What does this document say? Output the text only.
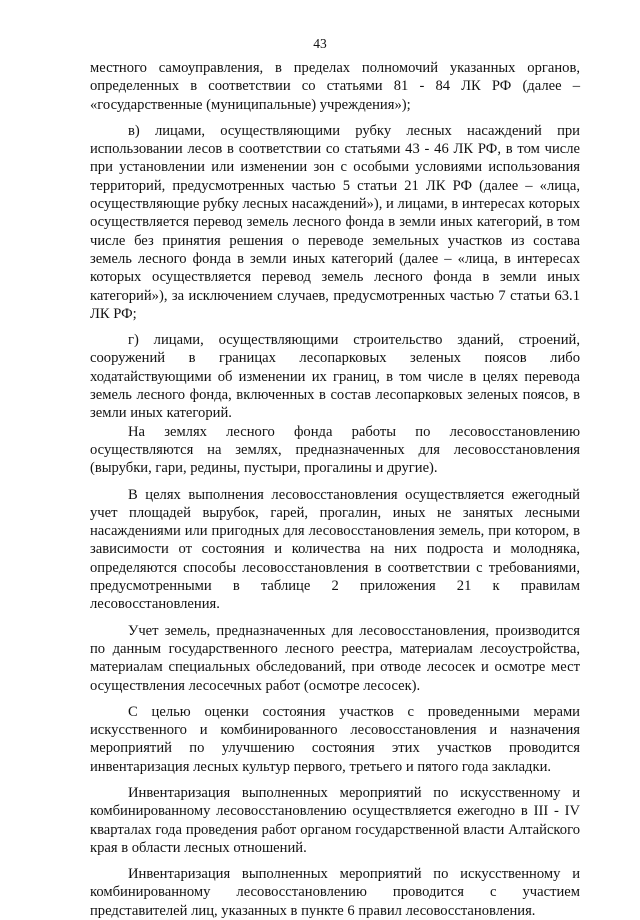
43

местного самоуправления, в пределах полномочий указанных органов, определенных в соответствии со статьями 81 - 84 ЛК РФ (далее – «государственные (муниципальные) учреждения»);

в) лицами, осуществляющими рубку лесных насаждений при использовании лесов в соответствии со статьями 43 - 46 ЛК РФ, в том числе при установлении или изменении зон с особыми условиями использования территорий, предусмотренных частью 5 статьи 21 ЛК РФ (далее – «лица, осуществляющие рубку лесных насаждений»), и лицами, в интересах которых осуществляется перевод земель лесного фонда в земли иных категорий, в том числе без принятия решения о переводе земельных участков из состава земель лесного фонда в земли иных категорий (далее – «лица, в интересах которых осуществляется перевод земель лесного фонда в земли иных категорий»), за исключением случаев, предусмотренных частью 7 статьи 63.1 ЛК РФ;

г) лицами, осуществляющими строительство зданий, строений, сооружений в границах лесопарковых зеленых поясов либо ходатайствующими об изменении их границ, в том числе в целях перевода земель лесного фонда, включенных в состав лесопарковых зеленых поясов, в земли иных категорий.

На землях лесного фонда работы по лесовосстановлению осуществляются на землях, предназначенных для лесовосстановления (вырубки, гари, редины, пустыри, прогалины и другие).

В целях выполнения лесовосстановления осуществляется ежегодный учет площадей вырубок, гарей, прогалин, иных не занятых лесными насаждениями или пригодных для лесовосстановления земель, при котором, в зависимости от состояния и количества на них подроста и молодняка, определяются способы лесовосстановления в соответствии с требованиями, предусмотренными в таблице 2 приложения 21 к правилам лесовосстановления.

Учет земель, предназначенных для лесовосстановления, производится по данным государственного лесного реестра, материалам лесоустройства, материалам специальных обследований, при отводе лесосек и осмотре мест осуществления лесосечных работ (осмотре лесосек).

С целью оценки состояния участков с проведенными мерами искусственного и комбинированного лесовосстановления и назначения мероприятий по улучшению состояния этих участков проводится инвентаризация лесных культур первого, третьего и пятого года закладки.

Инвентаризация выполненных мероприятий по искусственному и комбинированному лесовосстановлению осуществляется ежегодно в III - IV кварталах года проведения работ органом государственной власти Алтайского края в области лесных отношений.

Инвентаризация выполненных мероприятий по искусственному и комбинированному лесовосстановлению проводится с участием представителей лиц, указанных в пункте 6 правил лесовосстановления.
